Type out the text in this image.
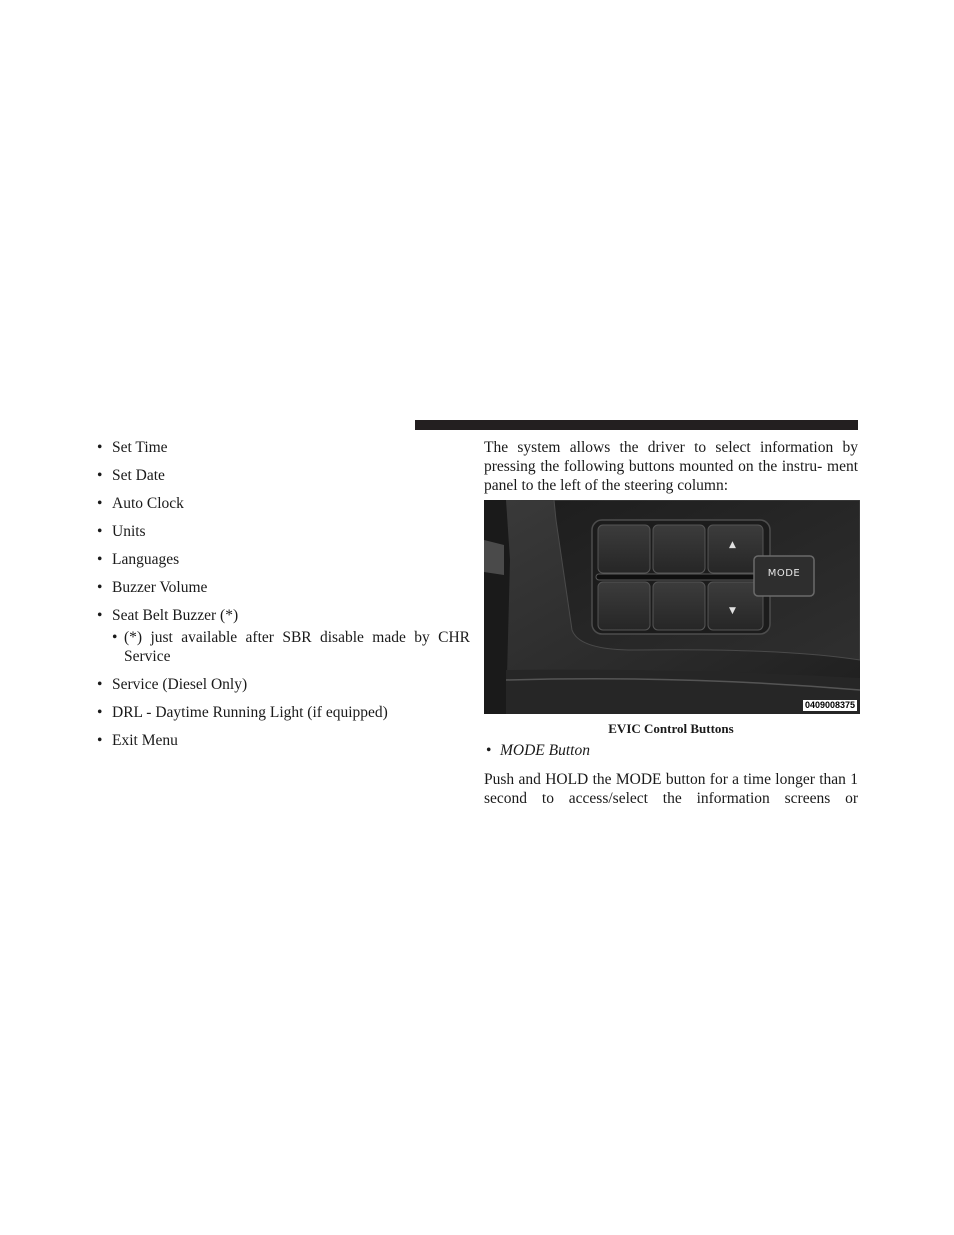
• Set Time
• Set Date
• Auto Clock
• Units
• Languages
• Buzzer Volume
• Seat Belt Buzzer (*)
• (*) just available after SBR disable made by CHR Service
• Service (Diesel Only)
• DRL - Daytime Running Light (if equipped)
• Exit Menu

The system allows the driver to select information by pressing the following buttons mounted on the instru- ment panel to the left of the steering column:

▲
▼
MODE
0409008375
EVIC Control Buttons
• MODE Button

Push and HOLD the MODE button for a time longer than 1 second to access/select the information screens or
